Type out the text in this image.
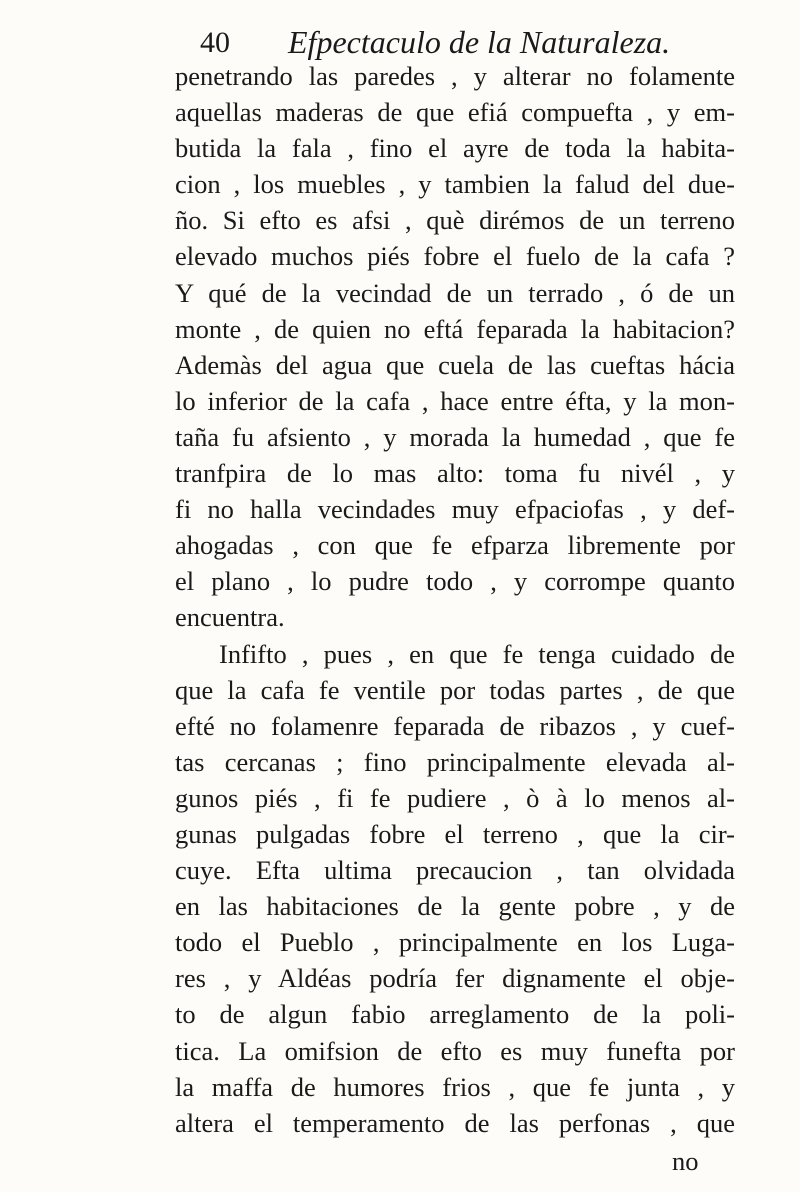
40 Efpectaculo de la Naturaleza.
penetrando las paredes , y alterar no folamente
aquellas maderas de que efiá compuefta , y em-
butida la fala , fino el ayre de toda la habita-
cion , los muebles , y tambien la falud del due-
ño. Si efto es afsi , què dirémos de un terreno
elevado muchos piés fobre el fuelo de la cafa ?
Y qué de la vecindad de un terrado , ó de un
monte , de quien no eftá feparada la habitacion?
Ademàs del agua que cuela de las cueftas hácia
lo inferior de la cafa , hace entre éfta, y la mon-
taña fu afsiento , y morada la humedad , que fe
tranfpira de lo mas alto: toma fu nivél , y
fi no halla vecindades muy efpaciofas , y def-
ahogadas , con que fe efparza libremente por
el plano , lo pudre todo , y corrompe quanto
encuentra.
Infifto , pues , en que fe tenga cuidado de
que la cafa fe ventile por todas partes , de que
efté no folamenre feparada de ribazos , y cuef-
tas cercanas ; fino principalmente elevada al-
gunos piés , fi fe pudiere , ò à lo menos al-
gunas pulgadas fobre el terreno , que la cir-
cuye. Efta ultima precaucion , tan olvidada
en las habitaciones de la gente pobre , y de
todo el Pueblo , principalmente en los Luga-
res , y Aldéas podría fer dignamente el obje-
to de algun fabio arreglamento de la poli-
tica. La omifsion de efto es muy funefta por
la maffa de humores frios , que fe junta , y
altera el temperamento de las perfonas , que
no
